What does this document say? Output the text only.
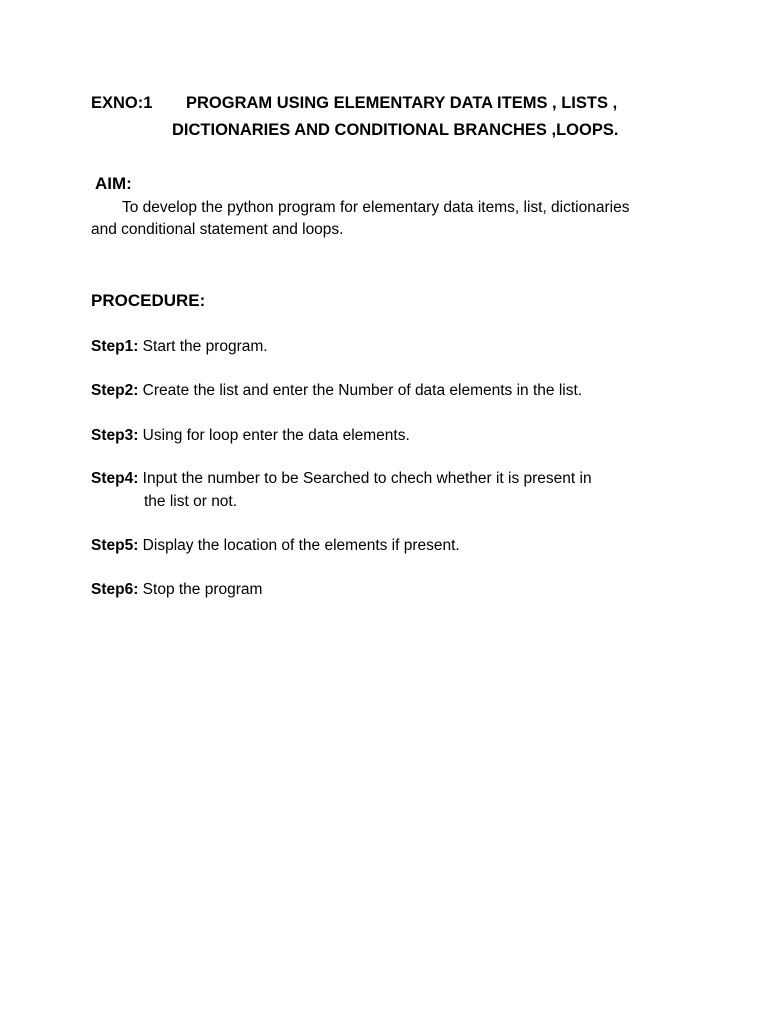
EXNO:1 PROGRAM USING ELEMENTARY DATA ITEMS , LISTS ,
DICTIONARIES AND CONDITIONAL BRANCHES ,LOOPS.
AIM:
To develop the python program for elementary data items, list, dictionaries
and conditional statement and loops.
PROCEDURE:
Step1: Start the program.
Step2: Create the list and enter the Number of data elements in the list.
Step3: Using for loop enter the data elements.
Step4: Input the number to be Searched to chech whether it is present in
the list or not.
Step5: Display the location of the elements if present.
Step6: Stop the program
